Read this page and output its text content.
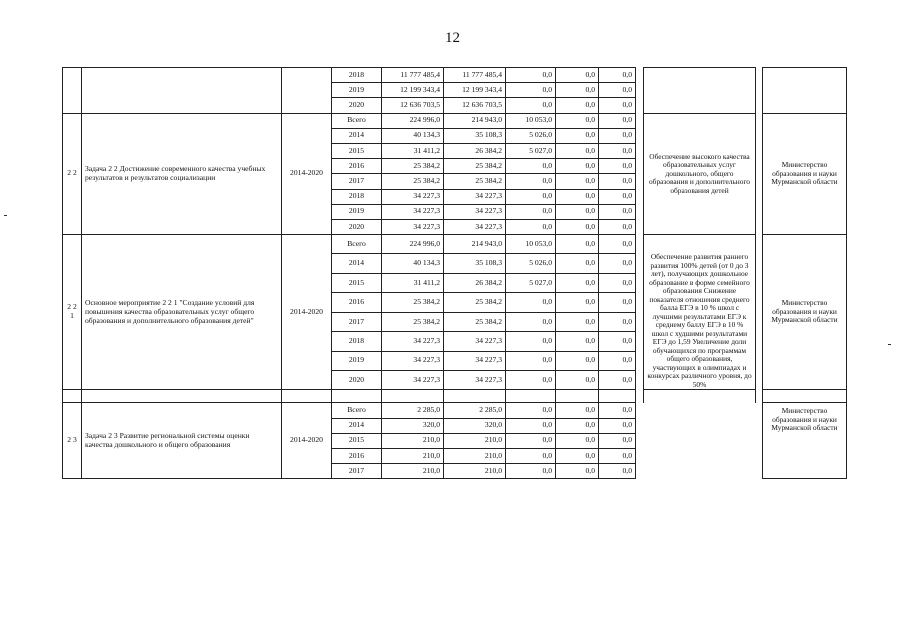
12
			2018	11 777 485,4	11 777 485,4	0,0	0,0	0,0				
			2019	12 199 343,4	12 199 343,4	0,0	0,0	0,0				
			2020	12 636 703,5	12 636 703,5	0,0	0,0	0,0				
2 2	Задача 2 2 Достижение современного качества учебных результатов и результатов социализации	2014-2020	Всего	224 996,0	214 943,0	10 053,0	0,0	0,0		Обеспечение высокого качества образовательных услуг дошкольного, общего образования и дополнительного образования детей		Министерство образования и науки Мурманской области
			2014	40 134,3	35 108,3	5 026,0	0,0	0,0				
			2015	31 411,2	26 384,2	5 027,0	0,0	0,0				
			2016	25 384,2	25 384,2	0,0	0,0	0,0				
			2017	25 384,2	25 384,2	0,0	0,0	0,0				
			2018	34 227,3	34 227,3	0,0	0,0	0,0				
			2019	34 227,3	34 227,3	0,0	0,0	0,0				
			2020	34 227,3	34 227,3	0,0	0,0	0,0				
2 2 1	Основное мероприятие 2 2 1 "Создание условий для повышения качества образовательных услуг общего образования и дополнительного образования детей"	2014-2020	Всего	224 996,0	214 943,0	10 053,0	0,0	0,0		Обеспечение развития раннего развития 100% детей (от 0 до 3 лет), получающих дошкольное образование в форме семейного образования Снижение показателя отношения среднего балла ЕГЭ в 10 % школ с лучшими результатами ЕГЭ к среднему баллу ЕГЭ в 10 % школ с худшими результатами ЕГЭ до 1,59 Увеличение доли обучающихся по программам общего образования, участвующих в олимпиадах и конкурсах различного уровня, до 50%		Министерство образования и науки Мурманской области
			2014	40 134,3	35 108,3	5 026,0	0,0	0,0				
			2015	31 411,2	26 384,2	5 027,0	0,0	0,0				
			2016	25 384,2	25 384,2	0,0	0,0	0,0				
			2017	25 384,2	25 384,2	0,0	0,0	0,0				
			2018	34 227,3	34 227,3	0,0	0,0	0,0				
			2019	34 227,3	34 227,3	0,0	0,0	0,0				
			2020	34 227,3	34 227,3	0,0	0,0	0,0				

2 3	Задача 2 3 Развитие региональной системы оценки качества дошкольного и общего образования	2014-2020	Всего	2 285,0	2 285,0	0,0	0,0	0,0				Министерство образования и науки Мурманской области
			2014	320,0	320,0	0,0	0,0	0,0				
			2015	210,0	210,0	0,0	0,0	0,0				
			2016	210,0	210,0	0,0	0,0	0,0				
			2017	210,0	210,0	0,0	0,0	0,0				
